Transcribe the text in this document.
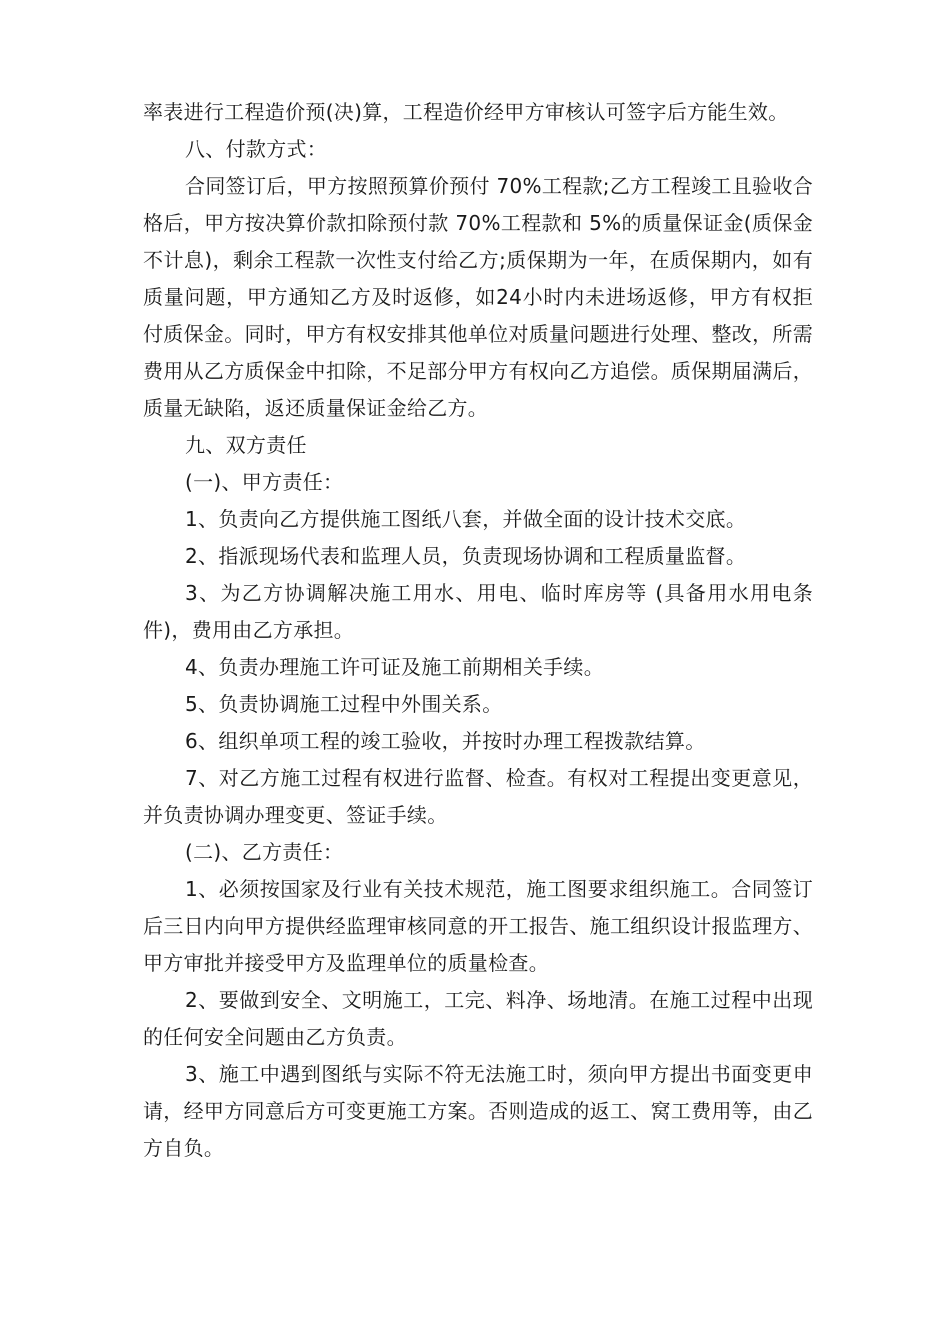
率表进行工程造价预(决)算，工程造价经甲方审核认可签字后方能生效。

八、付款方式：

合同签订后，甲方按照预算价预付 70%工程款;乙方工程竣工且验收合格后，甲方按决算价款扣除预付款 70%工程款和 5%的质量保证金(质保金不计息)，剩余工程款一次性支付给乙方;质保期为一年，在质保期内，如有质量问题，甲方通知乙方及时返修，如24小时内未进场返修，甲方有权拒付质保金。同时，甲方有权安排其他单位对质量问题进行处理、整改，所需费用从乙方质保金中扣除，不足部分甲方有权向乙方追偿。质保期届满后，质量无缺陷，返还质量保证金给乙方。

九、双方责任

(一)、甲方责任：

1、负责向乙方提供施工图纸八套，并做全面的设计技术交底。

2、指派现场代表和监理人员，负责现场协调和工程质量监督。

3、为乙方协调解决施工用水、用电、临时库房等 (具备用水用电条件)，费用由乙方承担。

4、负责办理施工许可证及施工前期相关手续。

5、负责协调施工过程中外围关系。

6、组织单项工程的竣工验收，并按时办理工程拨款结算。

7、对乙方施工过程有权进行监督、检查。有权对工程提出变更意见，并负责协调办理变更、签证手续。

(二)、乙方责任：

1、必须按国家及行业有关技术规范，施工图要求组织施工。合同签订后三日内向甲方提供经监理审核同意的开工报告、施工组织设计报监理方、甲方审批并接受甲方及监理单位的质量检查。

2、要做到安全、文明施工，工完、料净、场地清。在施工过程中出现的任何安全问题由乙方负责。

3、施工中遇到图纸与实际不符无法施工时，须向甲方提出书面变更申请，经甲方同意后方可变更施工方案。否则造成的返工、窝工费用等，由乙方自负。
